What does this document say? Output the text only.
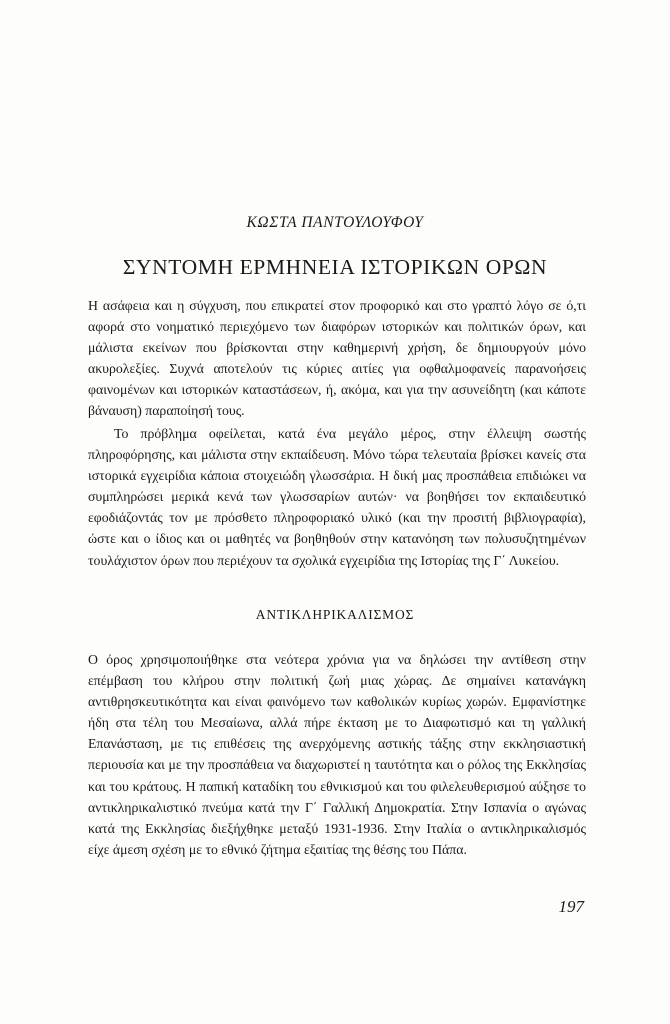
ΚΩΣΤΑ ΠΑΝΤΟΥΛΟΥΦΟΥ
ΣΥΝΤΟΜΗ ΕΡΜΗΝΕΙΑ ΙΣΤΟΡΙΚΩΝ ΟΡΩΝ

Η ασάφεια και η σύγχυση, που επικρατεί στον προφορικό και στο γραπτό λόγο σε ό,τι αφορά στο νοηματικό περιεχόμενο των διαφόρων ιστορικών και πολιτικών όρων, και μάλιστα εκείνων που βρίσκονται στην καθημερινή χρήση, δε δημιουργούν μόνο ακυρολεξίες. Συχνά αποτελούν τις κύριες αιτίες για οφθαλμοφανείς παρανοήσεις φαινομένων και ιστορικών καταστάσεων, ή, ακόμα, και για την ασυνείδητη (και κάποτε βάναυση) παραποίησή τους.

Το πρόβλημα οφείλεται, κατά ένα μεγάλο μέρος, στην έλλειψη σωστής πληροφόρησης, και μάλιστα στην εκπαίδευση. Μόνο τώρα τελευταία βρίσκει κανείς στα ιστορικά εγχειρίδια κάποια στοιχειώδη γλωσσάρια. Η δική μας προσπάθεια επιδιώκει να συμπληρώσει μερικά κενά των γλωσσαρίων αυτών· να βοηθήσει τον εκπαιδευτικό εφοδιάζοντάς τον με πρόσθετο πληροφοριακό υλικό (και την προσιτή βιβλιογραφία), ώστε και ο ίδιος και οι μαθητές να βοηθηθούν στην κατανόηση των πολυσυζητημένων τουλάχιστον όρων που περιέχουν τα σχολικά εγχειρίδια της Ιστορίας της Γ΄ Λυκείου.

ΑΝΤΙΚΛΗΡΙΚΑΛΙΣΜΟΣ

Ο όρος χρησιμοποιήθηκε στα νεότερα χρόνια για να δηλώσει την αντίθεση στην επέμβαση του κλήρου στην πολιτική ζωή μιας χώρας. Δε σημαίνει κατανάγκη αντιθρησκευτικότητα και είναι φαινόμενο των καθολικών κυρίως χωρών. Εμφανίστηκε ήδη στα τέλη του Μεσαίωνα, αλλά πήρε έκταση με το Διαφωτισμό και τη γαλλική Επανάσταση, με τις επιθέσεις της ανερχόμενης αστικής τάξης στην εκκλησιαστική περιουσία και με την προσπάθεια να διαχωριστεί η ταυτότητα και ο ρόλος της Εκκλησίας και του κράτους. Η παπική καταδίκη του εθνικισμού και του φιλελευθερισμού αύξησε το αντικληρικαλιστικό πνεύμα κατά την Γ΄ Γαλλική Δημοκρατία. Στην Ισπανία ο αγώνας κατά της Εκκλησίας διεξήχθηκε μεταξύ 1931-1936. Στην Ιταλία ο αντικληρικαλισμός είχε άμεση σχέση με το εθνικό ζήτημα εξαιτίας της θέσης του Πάπα.

197
